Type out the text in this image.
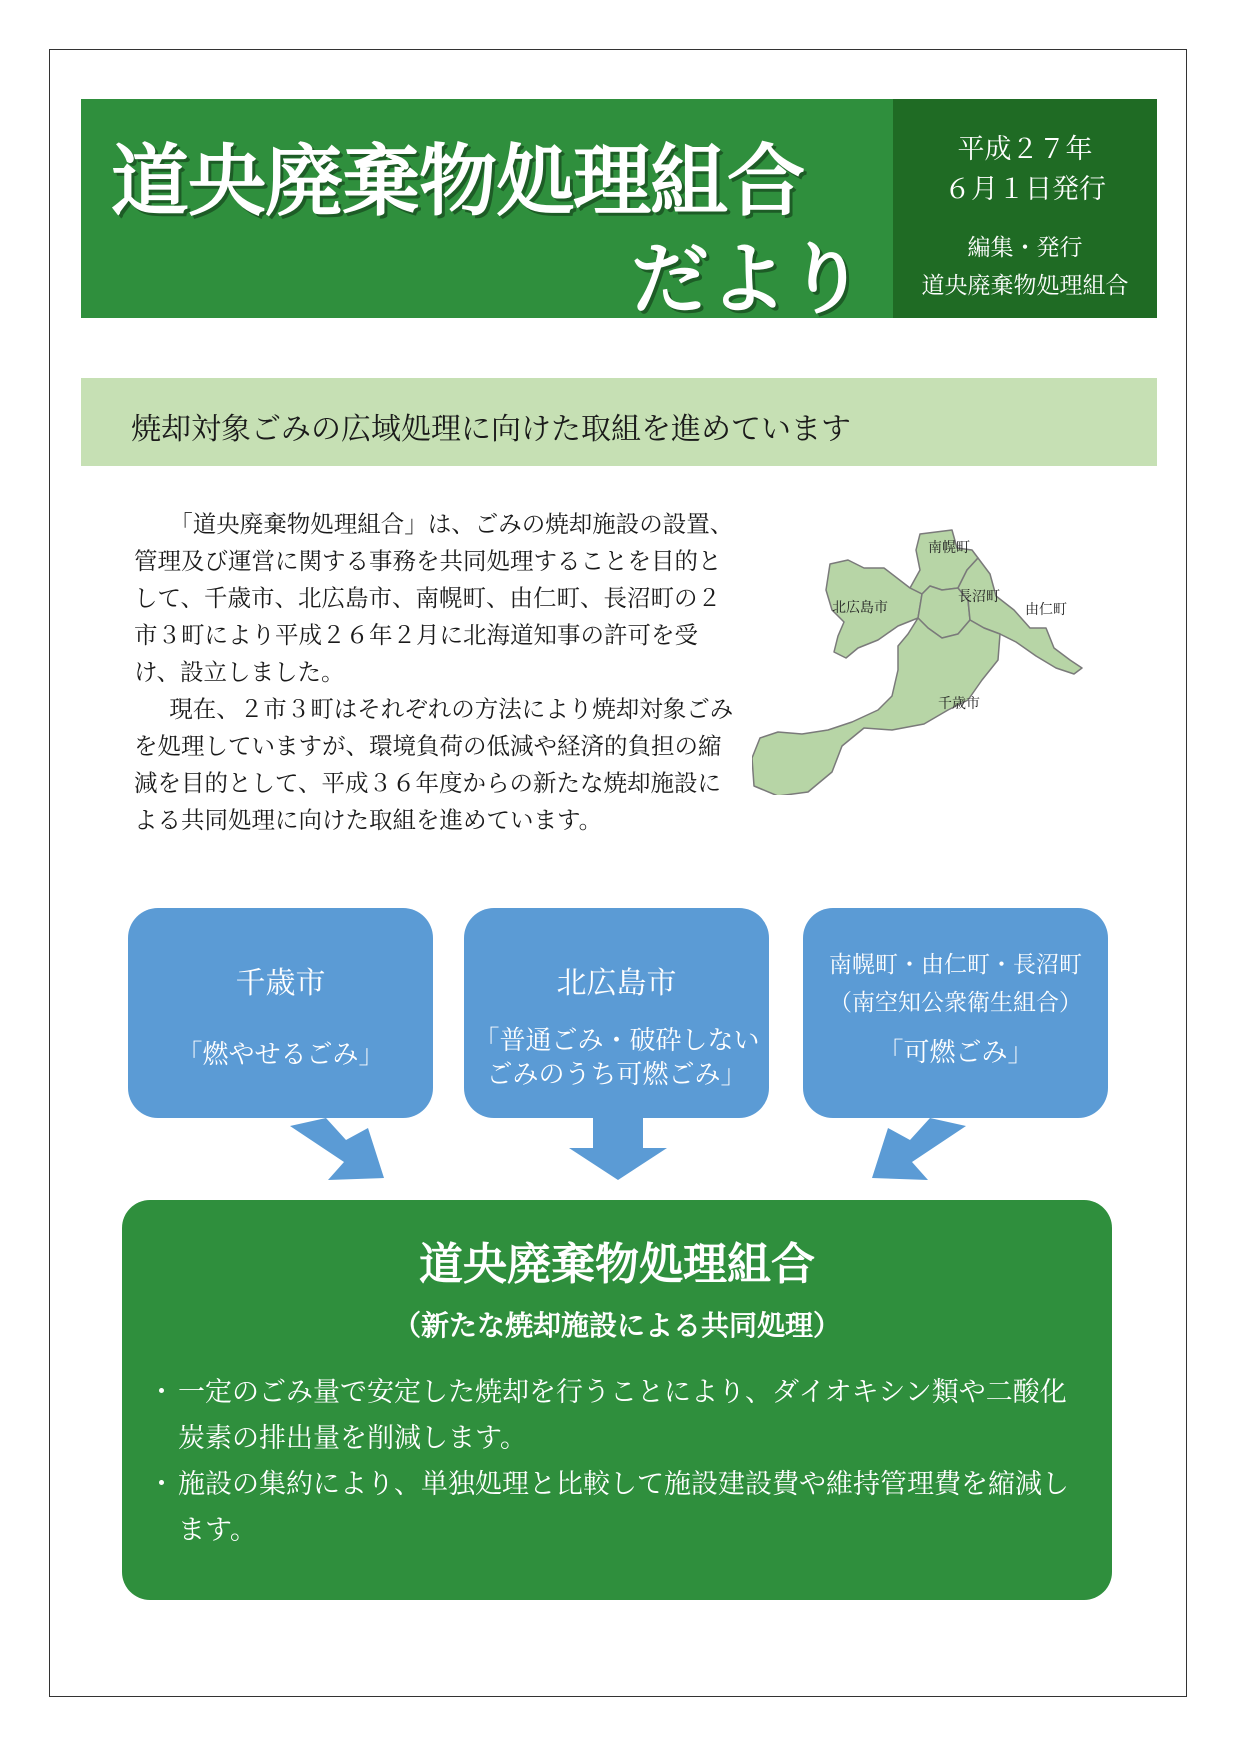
道央廃棄物処理組合
だより
平成２７年
６月１日発行
編集・発行
道央廃棄物処理組合
焼却対象ごみの広域処理に向けた取組を進めています

「道央廃棄物処理組合」は、ごみの焼却施設の設置、管理及び運営に関する事務を共同処理することを目的として、千歳市、北広島市、南幌町、由仁町、長沼町の２市３町により平成２６年２月に北海道知事の許可を受け、設立しました。

現在、２市３町はそれぞれの方法により焼却対象ごみを処理していますが、環境負荷の低減や経済的負担の縮減を目的として、平成３６年度からの新たな焼却施設による共同処理に向けた取組を進めています。

南幌町
北広島市
長沼町
由仁町
千歳市
千歳市
「燃やせるごみ」
北広島市
「普通ごみ・破砕しない
ごみのうち可燃ごみ」
南幌町・由仁町・長沼町
（南空知公衆衛生組合）
「可燃ごみ」
道央廃棄物処理組合
（新たな焼却施設による共同処理）
・ 一定のごみ量で安定した焼却を行うことにより、ダイオキシン類や二酸化炭素の排出量を削減します。
・ 施設の集約により、単独処理と比較して施設建設費や維持管理費を縮減します。
